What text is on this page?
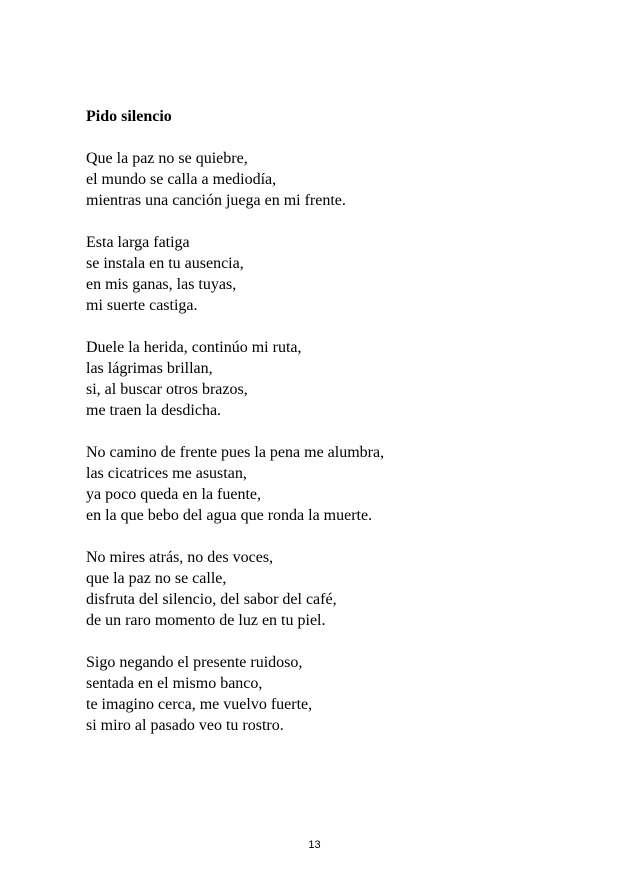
Pido silencio
Que la paz no se quiebre,
el mundo se calla a mediodía,
mientras una canción juega en mi frente.
Esta larga fatiga
se instala en tu ausencia,
en mis ganas, las tuyas,
mi suerte castiga.
Duele la herida, continúo mi ruta,
las lágrimas brillan,
si, al buscar otros brazos,
me traen la desdicha.
No camino de frente pues la pena me alumbra,
las cicatrices me asustan,
ya poco queda en la fuente,
en la que bebo del agua que ronda la muerte.
No mires atrás, no des voces,
que la paz no se calle,
disfruta del silencio, del sabor del café,
de un raro momento de luz en tu piel.
Sigo negando el presente ruidoso,
sentada en el mismo banco,
te imagino cerca, me vuelvo fuerte,
si miro al pasado veo tu rostro.
13
